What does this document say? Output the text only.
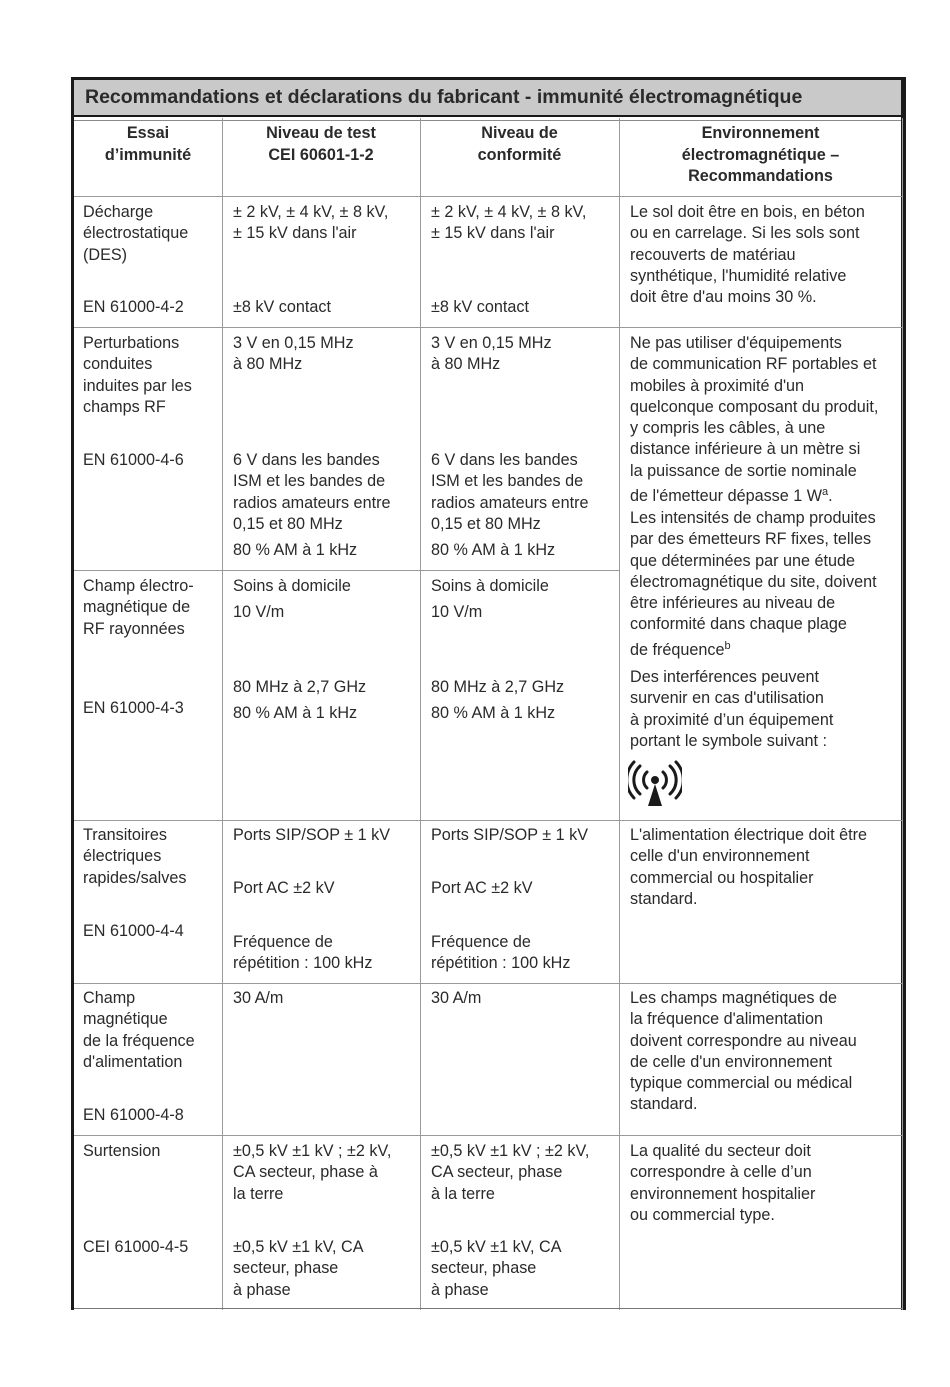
Recommandations et déclarations du fabricant - immunité électromagnétique
Essai
d’immunité
Niveau de test
CEI 60601-1-2
Niveau de
conformité
Environnement
électromagnétique –
Recommandations
Décharge
électrostatique
(DES)
EN 61000-4-2
± 2 kV, ± 4 kV, ± 8 kV,
± 15 kV dans l'air
±8 kV contact
± 2 kV, ± 4 kV, ± 8 kV,
± 15 kV dans l'air
±8 kV contact
Le sol doit être en bois, en béton
ou en carrelage. Si les sols sont
recouverts de matériau
synthétique, l'humidité relative
doit être d'au moins 30 %.
Perturbations
conduites
induites par les
champs RF
EN 61000-4-6
3 V en 0,15 MHz
à 80 MHz
6 V dans les bandes
ISM et les bandes de
radios amateurs entre
0,15 et 80 MHz
80 % AM à 1 kHz
3 V en 0,15 MHz
à 80 MHz
6 V dans les bandes
ISM et les bandes de
radios amateurs entre
0,15 et 80 MHz
80 % AM à 1 kHz
Champ électro-
magnétique de
RF rayonnées
EN 61000-4-3
Soins à domicile
10 V/m
80 MHz à 2,7 GHz
80 % AM à 1 kHz
Soins à domicile
10 V/m
80 MHz à 2,7 GHz
80 % AM à 1 kHz
Ne pas utiliser d'équipements
de communication RF portables et
mobiles à proximité d'un
quelconque composant du produit,
y compris les câbles, à une
distance inférieure à un mètre si
la puissance de sortie nominale
de l'émetteur dépasse 1 $W^a$.
Les intensités de champ produites
par des émetteurs RF fixes, telles
que déterminées par une étude
électromagnétique du site, doivent
être inférieures au niveau de
conformité dans chaque plage
de fréquence$^b$
Des interférences peuvent
survenir en cas d'utilisation
à proximité d’un équipement
portant le symbole suivant :
Transitoires
électriques
rapides/salves
EN 61000-4-4
Ports SIP/SOP ± 1 kV
Port AC ±2 kV
Fréquence de
répétition : 100 kHz
Ports SIP/SOP ± 1 kV
Port AC ±2 kV
Fréquence de
répétition : 100 kHz
L'alimentation électrique doit être
celle d'un environnement
commercial ou hospitalier
standard.
Champ
magnétique
de la fréquence
d'alimentation
EN 61000-4-8
30 A/m	30 A/m	Les champs magnétiques de
la fréquence d'alimentation
doivent correspondre au niveau
de celle d'un environnement
typique commercial ou médical
standard.
Surtension
CEI 61000-4-5
±0,5 kV ±1 kV ; ±2 kV,
CA secteur, phase à
la terre
±0,5 kV ±1 kV, CA
secteur, phase
à phase
±0,5 kV ±1 kV ; ±2 kV,
CA secteur, phase
à la terre
±0,5 kV ±1 kV, CA
secteur, phase
à phase
La qualité du secteur doit
correspondre à celle d’un
environnement hospitalier
ou commercial type.
